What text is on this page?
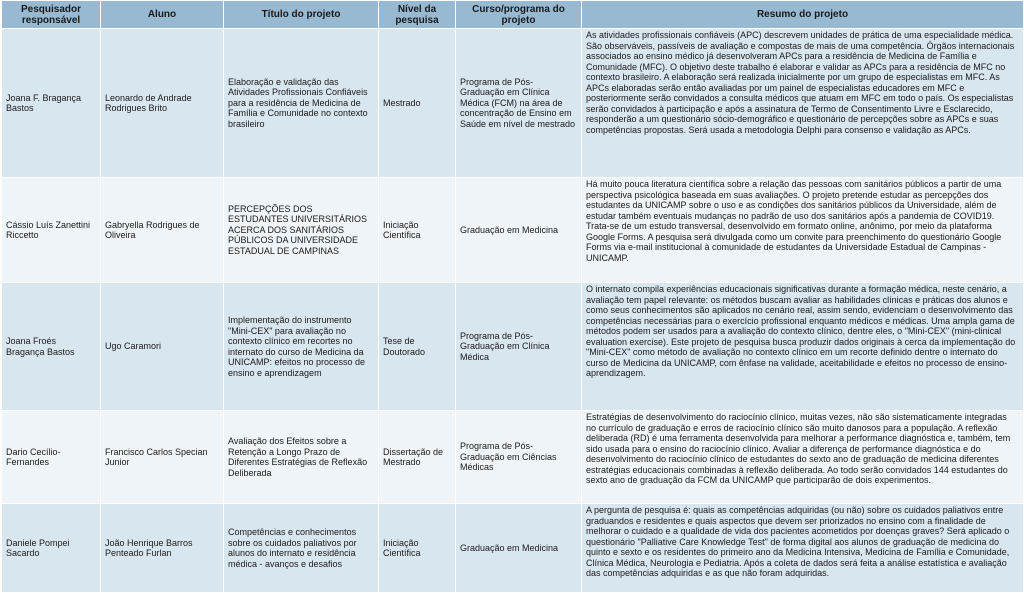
Pesquisador responsável	Aluno	Título do projeto	Nível da pesquisa	Curso/programa do projeto	Resumo do projeto
Joana F. Bragança Bastos	Leonardo de Andrade Rodrigues Brito	Elaboração e validação das Atividades Profissionais Confiáveis para a residência de Medicina de Família e Comunidade no contexto brasileiro	Mestrado	Programa de Pós-Graduação em Clínica Médica (FCM) na área de concentração de Ensino em Saúde em nível de mestrado	As atividades profissionais confiáveis (APC) descrevem unidades de prática de uma especialidade médica. São observáveis, passíveis de avaliação e compostas de mais de uma competência. Órgãos internacionais associados ao ensino médico já desenvolveram APCs para a residência de Medicina de Família e Comunidade (MFC). O objetivo deste trabalho é elaborar e validar as APCs para a residência de MFC no contexto brasileiro. A elaboração será realizada inicialmente por um grupo de especialistas em MFC. As APCs elaboradas serão então avaliadas por um painel de especialistas educadores em MFC e posteriormente serão convidados a consulta médicos que atuam em MFC em todo o país. Os especialistas serão convidados à participação e após a assinatura de Termo de Consentimento Livre e Esclarecido, responderão a um questionário sócio-demográfico e questionário de percepções sobre as APCs e suas competências propostas. Será usada a metodologia Delphi para consenso e validação as APCs.

Cássio Luís Zanettini Riccetto	Gabryella Rodrigues de Oliveira	PERCEPÇÕES DOS ESTUDANTES UNIVERSITÁRIOS ACERCA DOS SANITÁRIOS PÚBLICOS DA UNIVERSIDADE ESTADUAL DE CAMPINAS	Iniciação Científica	Graduação em Medicina	Há muito pouca literatura científica sobre a relação das pessoas com sanitários públicos a partir de uma perspectiva psicológica baseada em suas avaliações. O projeto pretende estudar as percepções dos estudantes da UNICAMP sobre o uso e as condições dos sanitários públicos da Universidade, além de estudar também eventuais mudanças no padrão de uso dos sanitários após a pandemia de COVID19. Trata-se de um estudo transversal, desenvolvido em formato online, anônimo, por meio da plataforma Google Forms. A pesquisa será divulgada como um convite para preenchimento do questionário Google Forms via e-mail institucional à comunidade de estudantes da Universidade Estadual de Campinas - UNICAMP.

Joana Froés Bragança Bastos	Ugo Caramori	Implementação do instrumento "Mini-CEX" para avaliação no contexto clínico em recortes no internato do curso de Medicina da UNICAMP: efeitos no processo de ensino e aprendizagem	Tese de Doutorado	Programa de Pós-Graduação em Clínica Médica	O internato compila experiências educacionais significativas durante a formação médica, neste cenário, a avaliação tem papel relevante: os métodos buscam avaliar as habilidades clínicas e práticas dos alunos e como seus conhecimentos são aplicados no cenário real, assim sendo, evidenciam o desenvolvimento das competências necessárias para o exercício profissional enquanto médicos e médicas. Uma ampla gama de métodos podem ser usados para a avaliação do contexto clínico, dentre eles, o "Mini-CEX" (mini-clinical evaluation exercise). Este projeto de pesquisa busca produzir dados originais à cerca da implementação do "Mini-CEX" como método de avaliação no contexto clínico em um recorte definido dentre o internato do curso de Medicina da UNICAMP, com ênfase na validade, aceitabilidade e efeitos no processo de ensino-aprendizagem.

Dario Cecílio-Fernandes	Francisco Carlos Specian Junior	Avaliação dos Efeitos sobre a Retenção a Longo Prazo de Diferentes Estratégias de Reflexão Deliberada	Dissertação de Mestrado	Programa de Pós-Graduação em Ciências Médicas	Estratégias de desenvolvimento do raciocínio clínico, muitas vezes, não são sistematicamente integradas no currículo de graduação e erros de raciocínio clínico são muito danosos para a população. A reflexão deliberada (RD) é uma ferramenta desenvolvida para melhorar a performance diagnóstica e, também, tem sido usada para o ensino do raciocínio clínico. Avaliar a diferença de performance diagnóstica e do desenvolvimento do raciocínio clínico de estudantes do sexto ano de graduação de medicina diferentes estratégias educacionais combinadas à reflexão deliberada. Ao todo serão convidados 144 estudantes do sexto ano de graduação da FCM da UNICAMP que participarão de dois experimentos.

Daniele Pompei Sacardo	João Henrique Barros Penteado Furlan	Competências e conhecimentos sobre os cuidados paliativos por alunos do internato e residência médica - avanços e desafios	Iniciação Científica	Graduação em Medicina	A pergunta de pesquisa é: quais as competências adquiridas (ou não) sobre os cuidados paliativos entre graduandos e residentes e quais aspectos que devem ser priorizados no ensino com a finalidade de melhorar o cuidado e a qualidade de vida dos pacientes acometidos por doenças graves? Será aplicado o questionário "Palliative Care Knowledge Test" de forma digital aos alunos de graduação de medicina do quinto e sexto e os residentes do primeiro ano da Medicina Intensiva, Medicina de Família e Comunidade, Clínica Médica, Neurologia e Pediatria. Após a coleta de dados será feita a análise estatística e avaliação das competências adquiridas e as que não foram adquiridas.
